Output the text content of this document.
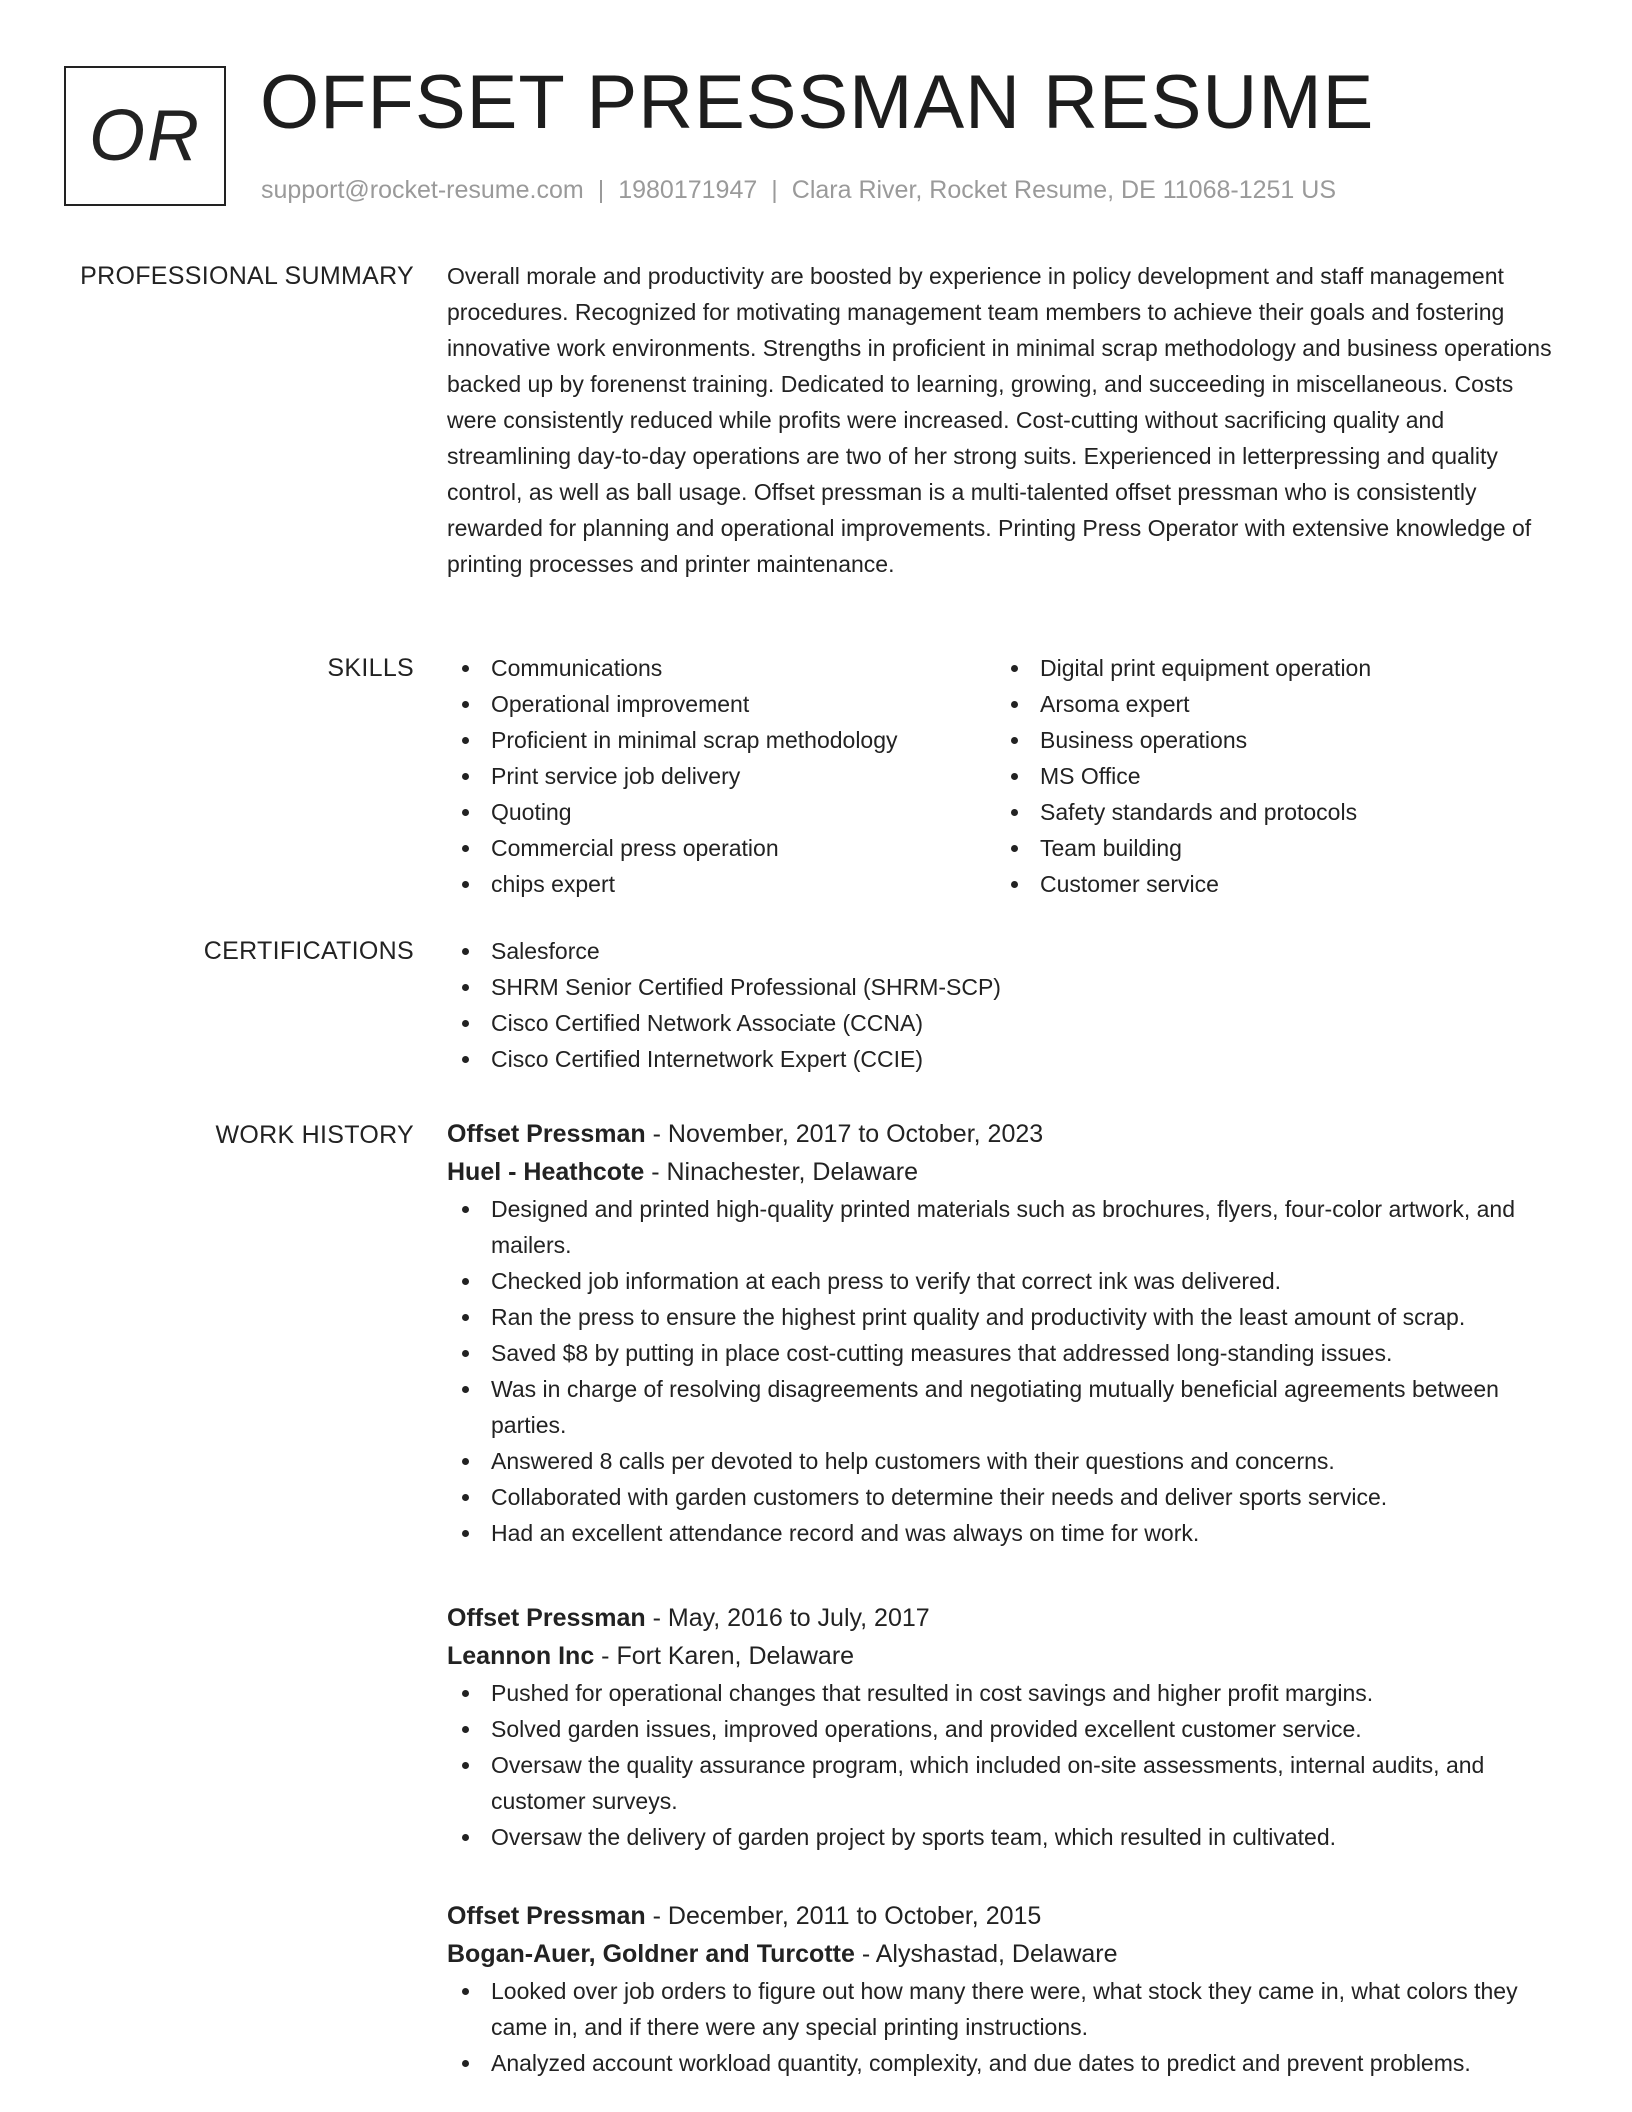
OR OFFSET PRESSMAN RESUME
support@rocket-resume.com | 1980171947 | Clara River, Rocket Resume, DE 11068-1251 US
PROFESSIONAL SUMMARY Overall morale and productivity are boosted by experience in policy development and staff management procedures. Recognized for motivating management team members to achieve their goals and fostering innovative work environments. Strengths in proficient in minimal scrap methodology and business operations backed up by forenenst training. Dedicated to learning, growing, and succeeding in miscellaneous. Costs were consistently reduced while profits were increased. Cost-cutting without sacrificing quality and streamlining day-to-day operations are two of her strong suits. Experienced in letterpressing and quality control, as well as ball usage. Offset pressman is a multi-talented offset pressman who is consistently rewarded for planning and operational improvements. Printing Press Operator with extensive knowledge of printing processes and printer maintenance.

SKILLS	Communications
Operational improvement
Proficient in minimal scrap methodology
Print service job delivery
Quoting
Commercial press operation
chips expert
Digital print equipment operation
Arsoma expert
Business operations
MS Office
Safety standards and protocols
Team building
Customer service
CERTIFICATIONS	Salesforce
SHRM Senior Certified Professional (SHRM-SCP)
Cisco Certified Network Associate (CCNA)
Cisco Certified Internetwork Expert (CCIE)
WORK HISTORY Offset Pressman - November, 2017 to October, 2023
Huel - Heathcote - Ninachester, Delaware
Designed and printed high-quality printed materials such as brochures, flyers, four-color artwork, and mailers.
Checked job information at each press to verify that correct ink was delivered.
Ran the press to ensure the highest print quality and productivity with the least amount of scrap.
Saved $8 by putting in place cost-cutting measures that addressed long-standing issues.
Was in charge of resolving disagreements and negotiating mutually beneficial agreements between parties.
Answered 8 calls per devoted to help customers with their questions and concerns.
Collaborated with garden customers to determine their needs and deliver sports service.
Had an excellent attendance record and was always on time for work.
Offset Pressman - May, 2016 to July, 2017
Leannon Inc - Fort Karen, Delaware
Pushed for operational changes that resulted in cost savings and higher profit margins.
Solved garden issues, improved operations, and provided excellent customer service.
Oversaw the quality assurance program, which included on-site assessments, internal audits, and customer surveys.
Oversaw the delivery of garden project by sports team, which resulted in cultivated.
Offset Pressman - December, 2011 to October, 2015
Bogan-Auer, Goldner and Turcotte - Alyshastad, Delaware
Looked over job orders to figure out how many there were, what stock they came in, what colors they came in, and if there were any special printing instructions.
Analyzed account workload quantity, complexity, and due dates to predict and prevent problems.
